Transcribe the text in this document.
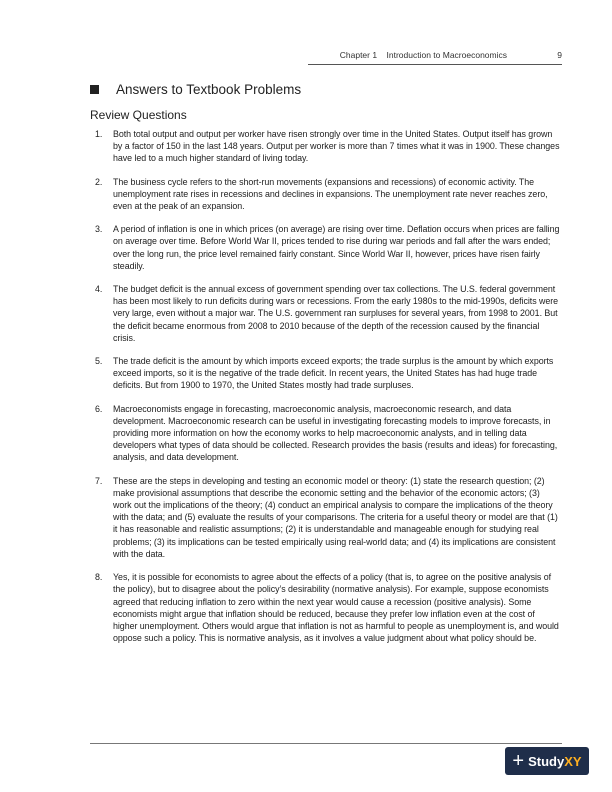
Chapter 1    Introduction to Macroeconomics	9
Answers to Textbook Problems
Review Questions
1. Both total output and output per worker have risen strongly over time in the United States. Output itself has grown by a factor of 150 in the last 148 years. Output per worker is more than 7 times what it was in 1900. These changes have led to a much higher standard of living today.
2. The business cycle refers to the short-run movements (expansions and recessions) of economic activity. The unemployment rate rises in recessions and declines in expansions. The unemployment rate never reaches zero, even at the peak of an expansion.
3. A period of inflation is one in which prices (on average) are rising over time. Deflation occurs when prices are falling on average over time. Before World War II, prices tended to rise during war periods and fall after the wars ended; over the long run, the price level remained fairly constant. Since World War II, however, prices have risen fairly steadily.
4. The budget deficit is the annual excess of government spending over tax collections. The U.S. federal government has been most likely to run deficits during wars or recessions. From the early 1980s to the mid-1990s, deficits were very large, even without a major war. The U.S. government ran surpluses for several years, from 1998 to 2001. But the deficit became enormous from 2008 to 2010 because of the depth of the recession caused by the financial crisis.
5. The trade deficit is the amount by which imports exceed exports; the trade surplus is the amount by which exports exceed imports, so it is the negative of the trade deficit. In recent years, the United States has had huge trade deficits. But from 1900 to 1970, the United States mostly had trade surpluses.
6. Macroeconomists engage in forecasting, macroeconomic analysis, macroeconomic research, and data development. Macroeconomic research can be useful in investigating forecasting models to improve forecasts, in providing more information on how the economy works to help macroeconomic analysts, and in telling data developers what types of data should be collected. Research provides the basis (results and ideas) for forecasting, analysis, and data development.
7. These are the steps in developing and testing an economic model or theory: (1) state the research question; (2) make provisional assumptions that describe the economic setting and the behavior of the economic actors; (3) work out the implications of the theory; (4) conduct an empirical analysis to compare the implications of the theory with the data; and (5) evaluate the results of your comparisons. The criteria for a useful theory or model are that (1) it has reasonable and realistic assumptions; (2) it is understandable and manageable enough for studying real problems; (3) its implications can be tested empirically using real-world data; and (4) its implications are consistent with the data.
8. Yes, it is possible for economists to agree about the effects of a policy (that is, to agree on the positive analysis of the policy), but to disagree about the policy’s desirability (normative analysis). For example, suppose economists agreed that reducing inflation to zero within the next year would cause a recession (positive analysis). Some economists might argue that inflation should be reduced, because they prefer low inflation even at the cost of higher unemployment. Others would argue that inflation is not as harmful to people as unemployment is, and would oppose such a policy. This is normative analysis, as it involves a value judgment about what policy should be.
+ Study XY
